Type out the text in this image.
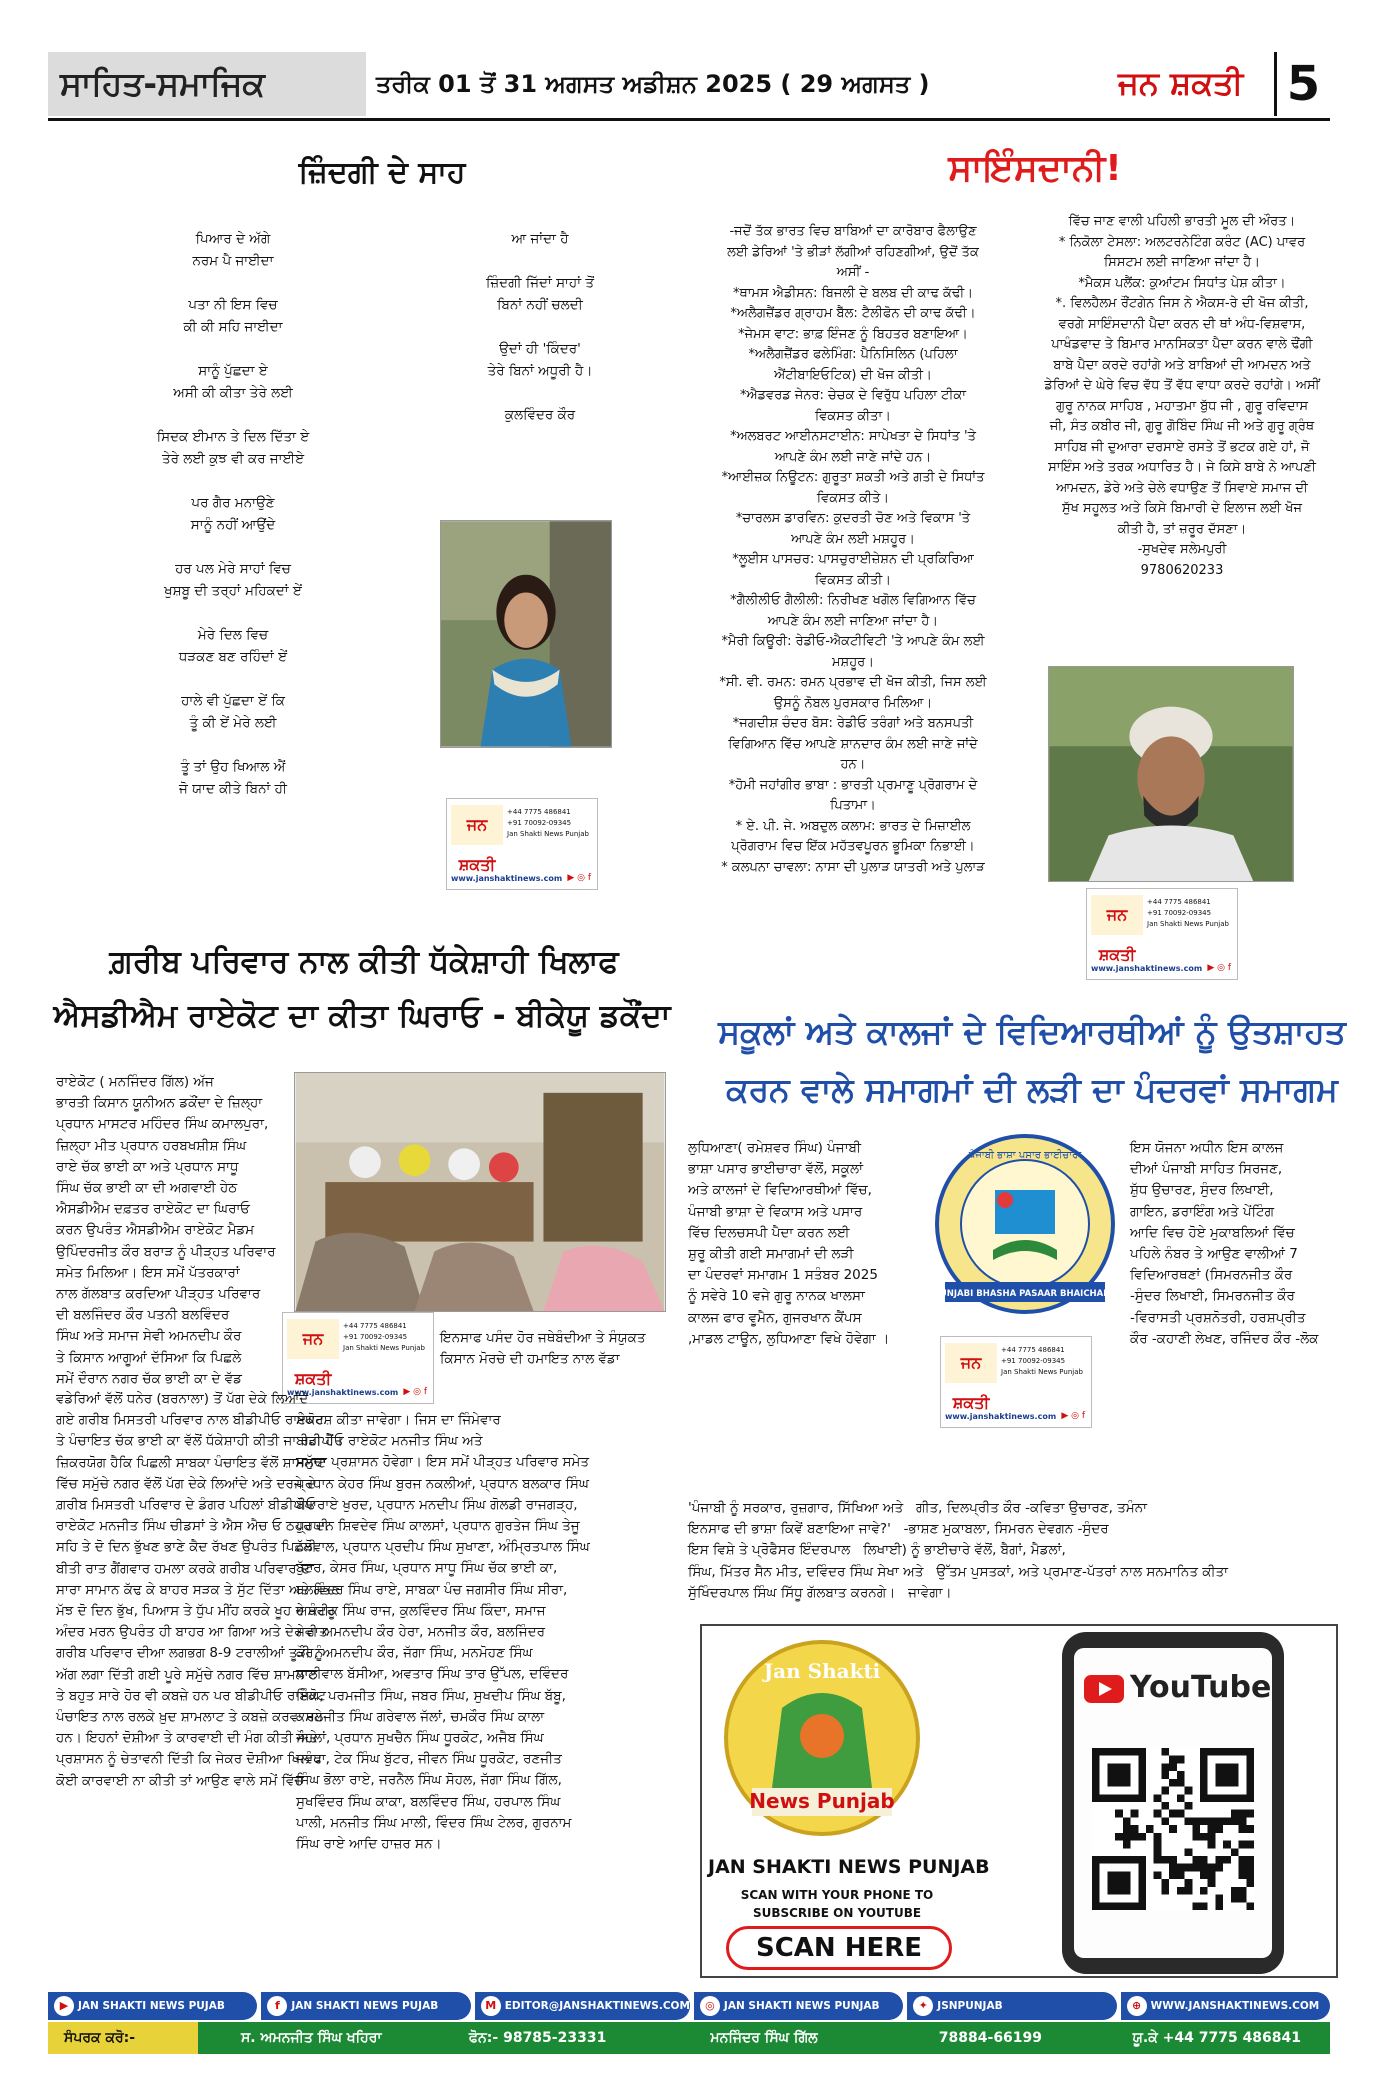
ਸਾਹਿਤ-ਸਮਾਜਿਕ	ਤਰੀਕ 01 ਤੋਂ 31 ਅਗਸਤ ਅਡੀਸ਼ਨ 2025 ( 29 ਅਗਸਤ )	ਜਨ ਸ਼ਕਤੀ 5
ਜ਼ਿੰਦਗੀ ਦੇ ਸਾਹ
ਪਿਆਰ ਦੇ ਅੱਗੇ
ਨਰਮ ਪੈ ਜਾਈਦਾ
ਪਤਾ ਨੀ ਇਸ ਵਿਚ
ਕੀ ਕੀ ਸਹਿ ਜਾਈਦਾ
ਸਾਨੂੰ ਪੁੱਛਦਾ ਏ
ਅਸੀ ਕੀ ਕੀਤਾ ਤੇਰੇ ਲਈ
ਸਿਦਕ ਈਮਾਨ ਤੇ ਦਿਲ ਦਿੱਤਾ ਏ
ਤੇਰੇ ਲਈ ਕੁਝ ਵੀ ਕਰ ਜਾਈਏ
ਪਰ ਗੈਰ ਮਨਾਉਣੇ
ਸਾਨੂੰ ਨਹੀਂ ਆਉਂਦੇ
ਹਰ ਪਲ ਮੇਰੇ ਸਾਹਾਂ ਵਿਚ
ਖੁਸ਼ਬੂ ਦੀ ਤਰ੍ਹਾਂ ਮਹਿਕਦਾਂ ਏਂ
ਮੇਰੇ ਦਿਲ ਵਿਚ
ਧੜਕਣ ਬਣ ਰਹਿੰਦਾਂ ਏਂ
ਹਾਲੇ ਵੀ ਪੁੱਛਦਾ ਏਂ ਕਿ
ਤੂੰ ਕੀ ਏਂ ਮੇਰੇ ਲਈ
ਤੂੰ ਤਾਂ ਉਹ ਖਿਆਲ ਐਂ
ਜੋ ਯਾਦ ਕੀਤੇ ਬਿਨਾਂ ਹੀ
ਆ ਜਾਂਦਾ ਹੈ
ਜ਼ਿੰਦਗੀ ਜਿੱਦਾਂ ਸਾਹਾਂ ਤੋਂ
ਬਿਨਾਂ ਨਹੀਂ ਚਲਦੀ
ਉਦਾਂ ਹੀ 'ਕਿੰਦਰ'
ਤੇਰੇ ਬਿਨਾਂ ਅਧੂਰੀ ਹੈ।
ਕੁਲਵਿੰਦਰ ਕੌਰ
ਜਨ ਸ਼ਕਤੀ
+44 7775 486841
+91 70092-09345
Jan Shakti News Punjab
www.janshaktinews.com ▶ ◎ f
ਸਾਇੰਸਦਾਨੀ!
-ਜਦੋਂ ਤੱਕ ਭਾਰਤ ਵਿਚ ਬਾਬਿਆਂ ਦਾ ਕਾਰੋਬਾਰ ਫੈਲਾਉਣ
ਲਈ ਡੇਰਿਆਂ 'ਤੇ ਭੀੜਾਂ ਲੱਗੀਆਂ ਰਹਿਣਗੀਆਂ, ਉਦੋਂ ਤੱਕ
ਅਸੀਂ -
*ਥਾਮਸ ਐਡੀਸਨ: ਬਿਜਲੀ ਦੇ ਬਲਬ ਦੀ ਕਾਢ ਕੱਢੀ।
*ਅਲੈਗਜ਼ੈਂਡਰ ਗ੍ਰਾਹਮ ਬੈੱਲ: ਟੈਲੀਫੋਨ ਦੀ ਕਾਢ ਕੱਢੀ।
*ਜੇਮਸ ਵਾਟ: ਭਾਫ਼ ਇੰਜਣ ਨੂੰ ਬਿਹਤਰ ਬਣਾਇਆ।
*ਅਲੈਗਜ਼ੈਂਡਰ ਫਲੇਮਿੰਗ: ਪੈਨਿਸਿਲਿਨ (ਪਹਿਲਾ
ਐਂਟੀਬਾਇਓਟਿਕ) ਦੀ ਖੋਜ ਕੀਤੀ।
*ਐਡਵਰਡ ਜੇਨਰ: ਚੇਚਕ ਦੇ ਵਿਰੁੱਧ ਪਹਿਲਾ ਟੀਕਾ
ਵਿਕਸਤ ਕੀਤਾ।
*ਅਲਬਰਟ ਆਈਨਸਟਾਈਨ: ਸਾਪੇਖਤਾ ਦੇ ਸਿਧਾਂਤ 'ਤੇ
ਆਪਣੇ ਕੰਮ ਲਈ ਜਾਣੇ ਜਾਂਦੇ ਹਨ।
*ਆਈਜ਼ਕ ਨਿਊਟਨ: ਗੁਰੂਤਾ ਸ਼ਕਤੀ ਅਤੇ ਗਤੀ ਦੇ ਸਿਧਾਂਤ
ਵਿਕਸਤ ਕੀਤੇ।
*ਚਾਰਲਸ ਡਾਰਵਿਨ: ਕੁਦਰਤੀ ਚੋਣ ਅਤੇ ਵਿਕਾਸ 'ਤੇ
ਆਪਣੇ ਕੰਮ ਲਈ ਮਸ਼ਹੂਰ।
*ਲੂਈਸ ਪਾਸਚਰ: ਪਾਸਚੁਰਾਈਜ਼ੇਸ਼ਨ ਦੀ ਪ੍ਰਕਿਰਿਆ
ਵਿਕਸਤ ਕੀਤੀ।
*ਗੈਲੀਲੀਓ ਗੈਲੀਲੀ: ਨਿਰੀਖਣ ਖਗੋਲ ਵਿਗਿਆਨ ਵਿੱਚ
ਆਪਣੇ ਕੰਮ ਲਈ ਜਾਣਿਆ ਜਾਂਦਾ ਹੈ।
*ਮੈਰੀ ਕਿਊਰੀ: ਰੇਡੀਓ-ਐਕਟੀਵਿਟੀ 'ਤੇ ਆਪਣੇ ਕੰਮ ਲਈ
ਮਸ਼ਹੂਰ।
*ਸੀ. ਵੀ. ਰਮਨ: ਰਮਨ ਪ੍ਰਭਾਵ ਦੀ ਖੋਜ ਕੀਤੀ, ਜਿਸ ਲਈ
ਉਸਨੂੰ ਨੋਬਲ ਪੁਰਸਕਾਰ ਮਿਲਿਆ।
*ਜਗਦੀਸ਼ ਚੰਦਰ ਬੋਸ: ਰੇਡੀਓ ਤਰੰਗਾਂ ਅਤੇ ਬਨਸਪਤੀ
ਵਿਗਿਆਨ ਵਿੱਚ ਆਪਣੇ ਸ਼ਾਨਦਾਰ ਕੰਮ ਲਈ ਜਾਣੇ ਜਾਂਦੇ
ਹਨ।
*ਹੋਮੀ ਜਹਾਂਗੀਰ ਭਾਬਾ : ਭਾਰਤੀ ਪ੍ਰਮਾਣੂ ਪ੍ਰੋਗਰਾਮ ਦੇ
ਪਿਤਾਮਾ।
* ਏ. ਪੀ. ਜੇ. ਅਬਦੁਲ ਕਲਾਮ: ਭਾਰਤ ਦੇ ਮਿਜ਼ਾਈਲ
ਪ੍ਰੋਗਰਾਮ ਵਿਚ ਇੱਕ ਮਹੱਤਵਪੂਰਨ ਭੂਮਿਕਾ ਨਿਭਾਈ।
* ਕਲਪਨਾ ਚਾਵਲਾ: ਨਾਸਾ ਦੀ ਪੁਲਾੜ ਯਾਤਰੀ ਅਤੇ ਪੁਲਾੜ
ਵਿੱਚ ਜਾਣ ਵਾਲੀ ਪਹਿਲੀ ਭਾਰਤੀ ਮੂਲ ਦੀ ਔਰਤ।
* ਨਿਕੋਲਾ ਟੇਸਲਾ: ਅਲਟਰਨੇਟਿੰਗ ਕਰੰਟ (AC) ਪਾਵਰ
ਸਿਸਟਮ ਲਈ ਜਾਣਿਆ ਜਾਂਦਾ ਹੈ।
*ਮੈਕਸ ਪਲੈਂਕ: ਕੁਆਂਟਮ ਸਿਧਾਂਤ ਪੇਸ਼ ਕੀਤਾ।
*. ਵਿਲਹੈਲਮ ਰੌਂਟਗੇਨ ਜਿਸ ਨੇ ਐਕਸ-ਰੇ ਦੀ ਖੋਜ ਕੀਤੀ,
ਵਰਗੇ ਸਾਇੰਸਦਾਨੀ ਪੈਦਾ ਕਰਨ ਦੀ ਥਾਂ ਅੰਧ-ਵਿਸ਼ਵਾਸ,
ਪਾਖੰਡਵਾਦ ਤੇ ਬਿਮਾਰ ਮਾਨਸਿਕਤਾ ਪੈਦਾ ਕਰਨ ਵਾਲੇ ਢੌਂਗੀ
ਬਾਬੇ ਪੈਦਾ ਕਰਦੇ ਰਹਾਂਗੇ ਅਤੇ ਬਾਬਿਆਂ ਦੀ ਆਮਦਨ ਅਤੇ
ਡੇਰਿਆਂ ਦੇ ਘੇਰੇ ਵਿਚ ਵੱਧ ਤੋਂ ਵੱਧ ਵਾਧਾ ਕਰਦੇ ਰਹਾਂਗੇ। ਅਸੀਂ
ਗੁਰੂ ਨਾਨਕ ਸਾਹਿਬ , ਮਹਾਤਮਾ ਬੁੱਧ ਜੀ , ਗੁਰੂ ਰਵਿਦਾਸ
ਜੀ, ਸੰਤ ਕਬੀਰ ਜੀ, ਗੁਰੂ ਗੋਬਿੰਦ ਸਿੰਘ ਜੀ ਅਤੇ ਗੁਰੂ ਗ੍ਰੰਥ
ਸਾਹਿਬ ਜੀ ਦੁਆਰਾ ਦਰਸਾਏ ਰਸਤੇ ਤੋਂ ਭਟਕ ਗਏ ਹਾਂ, ਜੋ
ਸਾਇੰਸ ਅਤੇ ਤਰਕ ਅਧਾਰਿਤ ਹੈ। ਜੇ ਕਿਸੇ ਬਾਬੇ ਨੇ ਆਪਣੀ
ਆਮਦਨ, ਡੇਰੇ ਅਤੇ ਚੇਲੇ ਵਧਾਉਣ ਤੋਂ ਸਿਵਾਏ ਸਮਾਜ ਦੀ
ਸੁੱਖ ਸਹੂਲਤ ਅਤੇ ਕਿਸੇ ਬਿਮਾਰੀ ਦੇ ਇਲਾਜ ਲਈ ਖੋਜ
ਕੀਤੀ ਹੈ, ਤਾਂ ਜ਼ਰੂਰ ਦੱਸਣਾ।
-ਸੁਖਦੇਵ ਸਲੇਮਪੁਰੀ
9780620233
ਜਨ ਸ਼ਕਤੀ
+44 7775 486841
+91 70092-09345
Jan Shakti News Punjab
www.janshaktinews.com ▶ ◎ f
ਗ਼ਰੀਬ ਪਰਿਵਾਰ ਨਾਲ ਕੀਤੀ ਧੱਕੇਸ਼ਾਹੀ ਖਿਲਾਫ
ਐਸਡੀਐਮ ਰਾਏਕੋਟ ਦਾ ਕੀਤਾ ਘਿਰਾਓ - ਬੀਕੇਯੂ ਡਕੌਂਦਾ
ਰਾਏਕੋਟ ( ਮਨਜਿੰਦਰ ਗਿੱਲ) ਅੱਜ
ਭਾਰਤੀ ਕਿਸਾਨ ਯੂਨੀਅਨ ਡਕੌਂਦਾ ਦੇ ਜ਼ਿਲ੍ਹਾ
ਪ੍ਰਧਾਨ ਮਾਸਟਰ ਮਹਿੰਦਰ ਸਿੰਘ ਕਮਾਲਪੁਰਾ,
ਜ਼ਿਲ੍ਹਾ ਮੀਤ ਪ੍ਰਧਾਨ ਹਰਬਖਸ਼ੀਸ਼ ਸਿੰਘ
ਰਾਏ ਚੱਕ ਭਾਈ ਕਾ ਅਤੇ ਪ੍ਰਧਾਨ ਸਾਧੂ
ਸਿੰਘ ਚੱਕ ਭਾਈ ਕਾ ਦੀ ਅਗਵਾਈ ਹੇਠ
ਐਸਡੀਐਮ ਦਫ਼ਤਰ ਰਾਏਕੋਟ ਦਾ ਘਿਰਾਓ
ਕਰਨ ਉਪਰੰਤ ਐਸਡੀਐਮ ਰਾਏਕੋਟ ਮੈਡਮ
ਉਪਿੰਦਰਜੀਤ ਕੌਰ ਬਰਾੜ ਨੂੰ ਪੀੜ੍ਹਤ ਪਰਿਵਾਰ
ਸਮੇਤ ਮਿਲਿਆ। ਇਸ ਸਮੇਂ ਪੱਤਰਕਾਰਾਂ
ਨਾਲ ਗੱਲਬਾਤ ਕਰਦਿਆ ਪੀੜ੍ਹਤ ਪਰਿਵਾਰ
ਦੀ ਬਲਜਿੰਦਰ ਕੌਰ ਪਤਨੀ ਬਲਵਿੰਦਰ
ਸਿੰਘ ਅਤੇ ਸਮਾਜ ਸੇਵੀ ਅਮਨਦੀਪ ਕੌਰ
ਤੇ ਕਿਸਾਨ ਆਗੂਆਂ ਦੱਸਿਆ ਕਿ ਪਿਛਲੇ
ਸਮੇਂ ਦੌਰਾਨ ਨਗਰ ਚੱਕ ਭਾਈ ਕਾ ਦੇ ਵੱਡ
ਜਨ ਸ਼ਕਤੀ
+44 7775 486841
+91 70092-09345
Jan Shakti News Punjab
www.janshaktinews.com ▶ ◎ f
ਇਨਸਾਫ ਪਸੰਦ ਹੋਰ ਜਥੇਬੰਦੀਆ ਤੇ ਸੰਯੁਕਤ
ਕਿਸਾਨ ਮੋਰਚੇ ਦੀ ਹਮਾਇਤ ਨਾਲ ਵੱਡਾ
ਸੰਘਰਸ਼ ਕੀਤਾ ਜਾਵੇਗਾ। ਜਿਸ ਦਾ ਜਿੰਮੇਵਾਰ
ਬੀਡੀਪੀਓ ਰਾਏਕੋਟ ਮਨਜੀਤ ਸਿੰਘ ਅਤੇ
ਸਮੁੱਚਾ ਪ੍ਰਸ਼ਾਸਨ ਹੋਵੇਗਾ। ਇਸ ਸਮੇਂ ਪੀੜ੍ਹਤ ਪਰਿਵਾਰ ਸਮੇਤ
ਪ੍ਰਧਾਨ ਕੇਹਰ ਸਿੰਘ ਬੁਰਜ ਨਕਲੀਆਂ, ਪ੍ਰਧਾਨ ਬਲਕਾਰ ਸਿੰਘ
ਬੋਪਾਰਾਏ ਖੁਰਦ, ਪ੍ਰਧਾਨ ਮਨਦੀਪ ਸਿੰਘ ਗੋਲਡੀ ਰਾਜਗੜ੍ਹ,
ਪ੍ਰਧਾਨ ਸ਼ਿਵਦੇਵ ਸਿੰਘ ਕਾਲਸਾਂ, ਪ੍ਰਧਾਨ ਗੁਰਤੇਜ ਸਿੰਘ ਤੇਜੂ
ਨੱਥੋਵਾਲ, ਪ੍ਰਧਾਨ ਪ੍ਰਦੀਪ ਸਿੰਘ ਸੁਖਾਣਾ, ਅੰਮ੍ਰਿਤਪਾਲ ਸਿੰਘ
ਬੁੱਟਰ, ਕੇਸਰ ਸਿੰਘ, ਪ੍ਰਧਾਨ ਸਾਧੂ ਸਿੰਘ ਚੱਕ ਭਾਈ ਕਾ,
ਬਲਵਿੰਦਰ ਸਿੰਘ ਰਾਏ, ਸਾਬਕਾ ਪੰਚ ਜਗਸੀਰ ਸਿੰਘ ਸੀਰਾ,
ਅਮਰੀਕ ਸਿੰਘ ਰਾਜ, ਕੁਲਵਿੰਦਰ ਸਿੰਘ ਕਿੰਦਾ, ਸਮਾਜ
ਸੇਵੀ ਅਮਨਦੀਪ ਕੌਰ ਹੇਰਾ, ਮਨਜੀਤ ਕੌਰ, ਬਲਜਿੰਦਰ
ਕੌਰ, ਅਮਨਦੀਪ ਕੌਰ, ਜੱਗਾ ਸਿੰਘ, ਮਨਮੋਹਣ ਸਿੰਘ
ਧਾਲੀਵਾਲ ਬੱਸੀਆ, ਅਵਤਾਰ ਸਿੰਘ ਤਾਰ ਉੱਪਲ, ਦਵਿੰਦਰ
ਸਿੰਘ, ਪਰਮਜੀਤ ਸਿੰਘ, ਜਬਰ ਸਿੰਘ, ਸੁਖਦੀਪ ਸਿੰਘ ਬੱਬੂ,
ਕਮਲਜੀਤ ਸਿੰਘ ਗਰੇਵਾਲ ਜੱਲਾਂ, ਚਮਕੌਰ ਸਿੰਘ ਕਾਲਾ
ਜੌਹਲਾਂ, ਪ੍ਰਧਾਨ ਸੁਖਚੈਨ ਸਿੰਘ ਧੂਰਕੋਟ, ਅਜੈਬ ਸਿੰਘ
ਜਵੰਧਾ, ਟੇਕ ਸਿੰਘ ਬੁੱਟਰ, ਜੀਵਨ ਸਿੰਘ ਧੂਰਕੋਟ, ਰਣਜੀਤ
ਸਿੰਘ ਭੋਲਾ ਰਾਏ, ਜਰਨੈਲ ਸਿੰਘ ਸੋਹਲ, ਜੱਗਾ ਸਿੰਘ ਗਿੱਲ,
ਸੁਖਵਿੰਦਰ ਸਿੰਘ ਕਾਕਾ, ਬਲਵਿੰਦਰ ਸਿੰਘ, ਹਰਪਾਲ ਸਿੰਘ
ਪਾਲੀ, ਮਨਜੀਤ ਸਿੰਘ ਮਾਲੀ, ਵਿੰਦਰ ਸਿੰਘ ਟੇਲਰ, ਗੁਰਨਾਮ
ਸਿੰਘ ਰਾਏ ਆਦਿ ਹਾਜ਼ਰ ਸਨ।
ਵਡੇਰਿਆਂ ਵੱਲੋਂ ਧਨੇਰ (ਬਰਨਾਲਾ) ਤੋਂ ਪੱਗ ਦੇਕੇ ਲਿਆਂਦੇ
ਗਏ ਗਰੀਬ ਮਿਸਤਰੀ ਪਰਿਵਾਰ ਨਾਲ ਬੀਡੀਪੀਓ ਰਾਏਕੋਟ
ਤੇ ਪੰਚਾਇਤ ਚੱਕ ਭਾਈ ਕਾ ਵੱਲੋਂ ਧੱਕੇਸ਼ਾਹੀ ਕੀਤੀ ਜਾ ਰਹੀ ਹੈਂ।
ਜ਼ਿਕਰਯੋਗ ਹੈਕਿ ਪਿਛਲੀ ਸਾਬਕਾ ਪੰਚਾਇਤ ਵੱਲੋਂ ਸ਼ਾਮਲਾਟ
ਵਿੱਚ ਸਮੁੱਚੇ ਨਗਰ ਵੱਲੋਂ ਪੱਗ ਦੇਕੇ ਲਿਆਂਦੇ ਅਤੇ ਦਰਜੇ ਦੇ
ਗ਼ਰੀਬ ਮਿਸਤਰੀ ਪਰਿਵਾਰ ਦੇ ਡੰਗਰ ਪਹਿਲਾਂ ਬੀਡੀਪੀਓ
ਰਾਏਕੋਟ ਮਨਜੀਤ ਸਿੰਘ ਚੀਡਸਾਂ ਤੇ ਐਸ ਐਚ ਓ ਠਹੁਰ ਦੀ
ਸਹਿ ਤੇ ਦੋ ਦਿਨ ਭੁੱਖਣ ਭਾਣੇ ਕੈਦ ਰੱਖਣ ਉਪਰੰਤ ਪਿਛਲੀ
ਬੀਤੀ ਰਾਤ ਗੈਂਗਵਾਰ ਹਮਲਾ ਕਰਕੇ ਗਰੀਬ ਪਰਿਵਾਰ ਦਾ
ਸਾਰਾ ਸਾਮਾਨ ਕੱਢ ਕੇ ਬਾਹਰ ਸੜਕ ਤੇ ਸੁੱਟ ਦਿੱਤਾ ਅਤੇ ਗਭਣ
ਮੱਝ ਦੋ ਦਿਨ ਭੁੱਖ, ਪਿਆਸ ਤੇ ਧੁੱਪ ਮੀਂਹ ਕਰਕੇ ਖੂਹ ਦੇ ਕੰਟਰੂ
ਅੰਦਰ ਮਰਨ ਉਪਰੰਤ ਹੀ ਬਾਹਰ ਆ ਗਿਆ ਅਤੇ ਦੇਰ ਰਾਤ
ਗਰੀਬ ਪਰਿਵਾਰ ਦੀਆ ਲਗਭਗ 8-9 ਟਰਾਲੀਆਂ ਤੂੜੀ ਨੂੰ
ਅੱਗ ਲਗਾ ਦਿੱਤੀ ਗਈ ਪੂਰੇ ਸਮੁੱਚੇ ਨਗਰ ਵਿੱਚ ਸ਼ਾਮਲਾਟ
ਤੇ ਬਹੁਤ ਸਾਰੇ ਹੋਰ ਵੀ ਕਬਜ਼ੇ ਹਨ ਪਰ ਬੀਡੀਪੀਓ ਰਾਏਕੋਟ
ਪੰਚਾਇਤ ਨਾਲ ਰਲਕੇ ਖ਼ੁਦ ਸ਼ਾਮਲਾਟ ਤੇ ਕਬਜ਼ੇ ਕਰਵਾ ਰਹੇ
ਹਨ। ਇਹਨਾਂ ਦੋਸ਼ੀਆ ਤੇ ਕਾਰਵਾਈ ਦੀ ਮੰਗ ਕੀਤੀ ਅਤੇ
ਪ੍ਰਸ਼ਾਸਨ ਨੂੰ ਚੇਤਾਵਨੀ ਦਿੱਤੀ ਕਿ ਜੇਕਰ ਦੋਸ਼ੀਆ ਖਿਲਾਫ
ਕੋਈ ਕਾਰਵਾਈ ਨਾ ਕੀਤੀ ਤਾਂ ਆਉਣ ਵਾਲੇ ਸਮੇਂ ਵਿੱਚ
ਸਕੂਲਾਂ ਅਤੇ ਕਾਲਜਾਂ ਦੇ ਵਿਦਿਆਰਥੀਆਂ ਨੂੰ ਉਤਸ਼ਾਹਤ
ਕਰਨ ਵਾਲੇ ਸਮਾਗਮਾਂ ਦੀ ਲੜੀ ਦਾ ਪੰਦਰਵਾਂ ਸਮਾਗਮ
ਲੁਧਿਆਣਾ( ਰਮੇਸ਼ਵਰ ਸਿੰਘ) ਪੰਜਾਬੀ
ਭਾਸ਼ਾ ਪਸਾਰ ਭਾਈਚਾਰਾ ਵੱਲੋਂ, ਸਕੂਲਾਂ
ਅਤੇ ਕਾਲਜਾਂ ਦੇ ਵਿਦਿਆਰਥੀਆਂ ਵਿੱਚ,
ਪੰਜਾਬੀ ਭਾਸ਼ਾ ਦੇ ਵਿਕਾਸ ਅਤੇ ਪਸਾਰ
ਵਿੱਚ ਦਿਲਚਸਪੀ ਪੈਦਾ ਕਰਨ ਲਈ
ਸ਼ੁਰੂ ਕੀਤੀ ਗਈ ਸਮਾਗਮਾਂ ਦੀ ਲੜੀ
ਦਾ ਪੰਦਰਵਾਂ ਸਮਾਗਮ 1 ਸਤੰਬਰ 2025
ਨੂੰ ਸਵੇਰੇ 10 ਵਜੇ ਗੁਰੂ ਨਾਨਕ ਖਾਲਸਾ
ਕਾਲਜ ਫਾਰ ਵੂਮੈਨ, ਗੁਜਰਖਾਨ ਕੈਂਪਸ
,ਮਾਡਲ ਟਾਊਨ, ਲੁਧਿਆਣਾ ਵਿਖੇ ਹੋਵੇਗਾ ।
ਇਸ ਯੋਜਨਾ ਅਧੀਨ ਇਸ ਕਾਲਜ
ਦੀਆਂ ਪੰਜਾਬੀ ਸਾਹਿਤ ਸਿਰਜਣ,
ਸ਼ੁੱਧ ਉਚਾਰਣ, ਸੁੰਦਰ ਲਿਖਾਈ,
ਗਾਇਨ, ਡਰਾਇੰਗ ਅਤੇ ਪੇਂਟਿੰਗ
ਆਦਿ ਵਿਚ ਹੋਏ ਮੁਕਾਬਲਿਆਂ ਵਿੱਚ
ਪਹਿਲੇ ਨੰਬਰ ਤੇ ਆਉਣ ਵਾਲੀਆਂ 7
ਵਿਦਿਆਰਥਣਾਂ (ਸਿਮਰਨਜੀਤ ਕੌਰ
-ਸੁੰਦਰ ਲਿਖਾਈ, ਸਿਮਰਨਜੀਤ ਕੌਰ
-ਵਿਰਾਸਤੀ ਪ੍ਰਸ਼ਨੋਤਰੀ, ਹਰਸ਼ਪ੍ਰੀਤ
ਕੌਰ -ਕਹਾਣੀ ਲੇਖਣ, ਰਜਿੰਦਰ ਕੌਰ -ਲੋਕ
'ਪੰਜਾਬੀ ਨੂੰ ਸਰਕਾਰ, ਰੁਜ਼ਗਾਰ, ਸਿੱਖਿਆ ਅਤੇ   ਗੀਤ, ਦਿਲਪ੍ਰੀਤ ਕੌਰ -ਕਵਿਤਾ ਉਚਾਰਣ, ਤਮੰਨਾ
ਇਨਸਾਫ ਦੀ ਭਾਸ਼ਾ ਕਿਵੇਂ ਬਣਾਇਆ ਜਾਵੇ?'   -ਭਾਸ਼ਣ ਮੁਕਾਬਲਾ, ਸਿਮਰਨ ਦੇਵਗਨ -ਸੁੰਦਰ
ਇਸ ਵਿਸ਼ੇ ਤੇ ਪ੍ਰੋਫੈਸਰ ਇੰਦਰਪਾਲ   ਲਿਖਾਈ) ਨੂੰ ਭਾਈਚਾਰੇ ਵੱਲੋਂ, ਬੈਗਾਂ, ਮੈਡਲਾਂ,
ਸਿੰਘ, ਮਿੱਤਰ ਸੈਨ ਮੀਤ, ਦਵਿੰਦਰ ਸਿੰਘ ਸੇਖਾ ਅਤੇ   ਉੱਤਮ ਪੁਸਤਕਾਂ, ਅਤੇ ਪ੍ਰਮਾਣ-ਪੱਤਰਾਂ ਨਾਲ ਸਨਮਾਨਿਤ ਕੀਤਾ
ਸੁੱਖਿੰਦਰਪਾਲ ਸਿੰਘ ਸਿੱਧੂ ਗੱਲਬਾਤ ਕਰਨਗੇ।   ਜਾਵੇਗਾ।
ਪੰਜਾਬੀ ਭਾਸ਼ਾ ਪਸਾਰ ਭਾਈਚਾਰਾ
PUNJABI BHASHA PASAAR BHAICHARA
ਜਨ ਸ਼ਕਤੀ
+44 7775 486841
+91 70092-09345
Jan Shakti News Punjab
www.janshaktinews.com ▶ ◎ f
Jan Shakti
News Punjab
JAN SHAKTI NEWS PUNJAB
SCAN WITH YOUR PHONE TO
SUBSCRIBE ON YOUTUBE
SCAN HERE
YouTube
▶ JAN SHAKTI NEWS PUJAB	f	JAN SHAKTI NEWS PUJAB	M EDITOR@JANSHAKTINEWS.COM	◎ JAN SHAKTI NEWS PUNJAB	✦ JSNPUNJAB	⊕ WWW.JANSHAKTINEWS.COM
ਸੰਪਰਕ ਕਰੋ:-	ਸ. ਅਮਨਜੀਤ ਸਿੰਘ ਖਹਿਰਾ	ਫੋਨ:- 98785-23331	ਮਨਜਿੰਦਰ ਸਿੰਘ ਗਿੱਲ	78884-66199	ਯੂ.ਕੇ +44 7775 486841
